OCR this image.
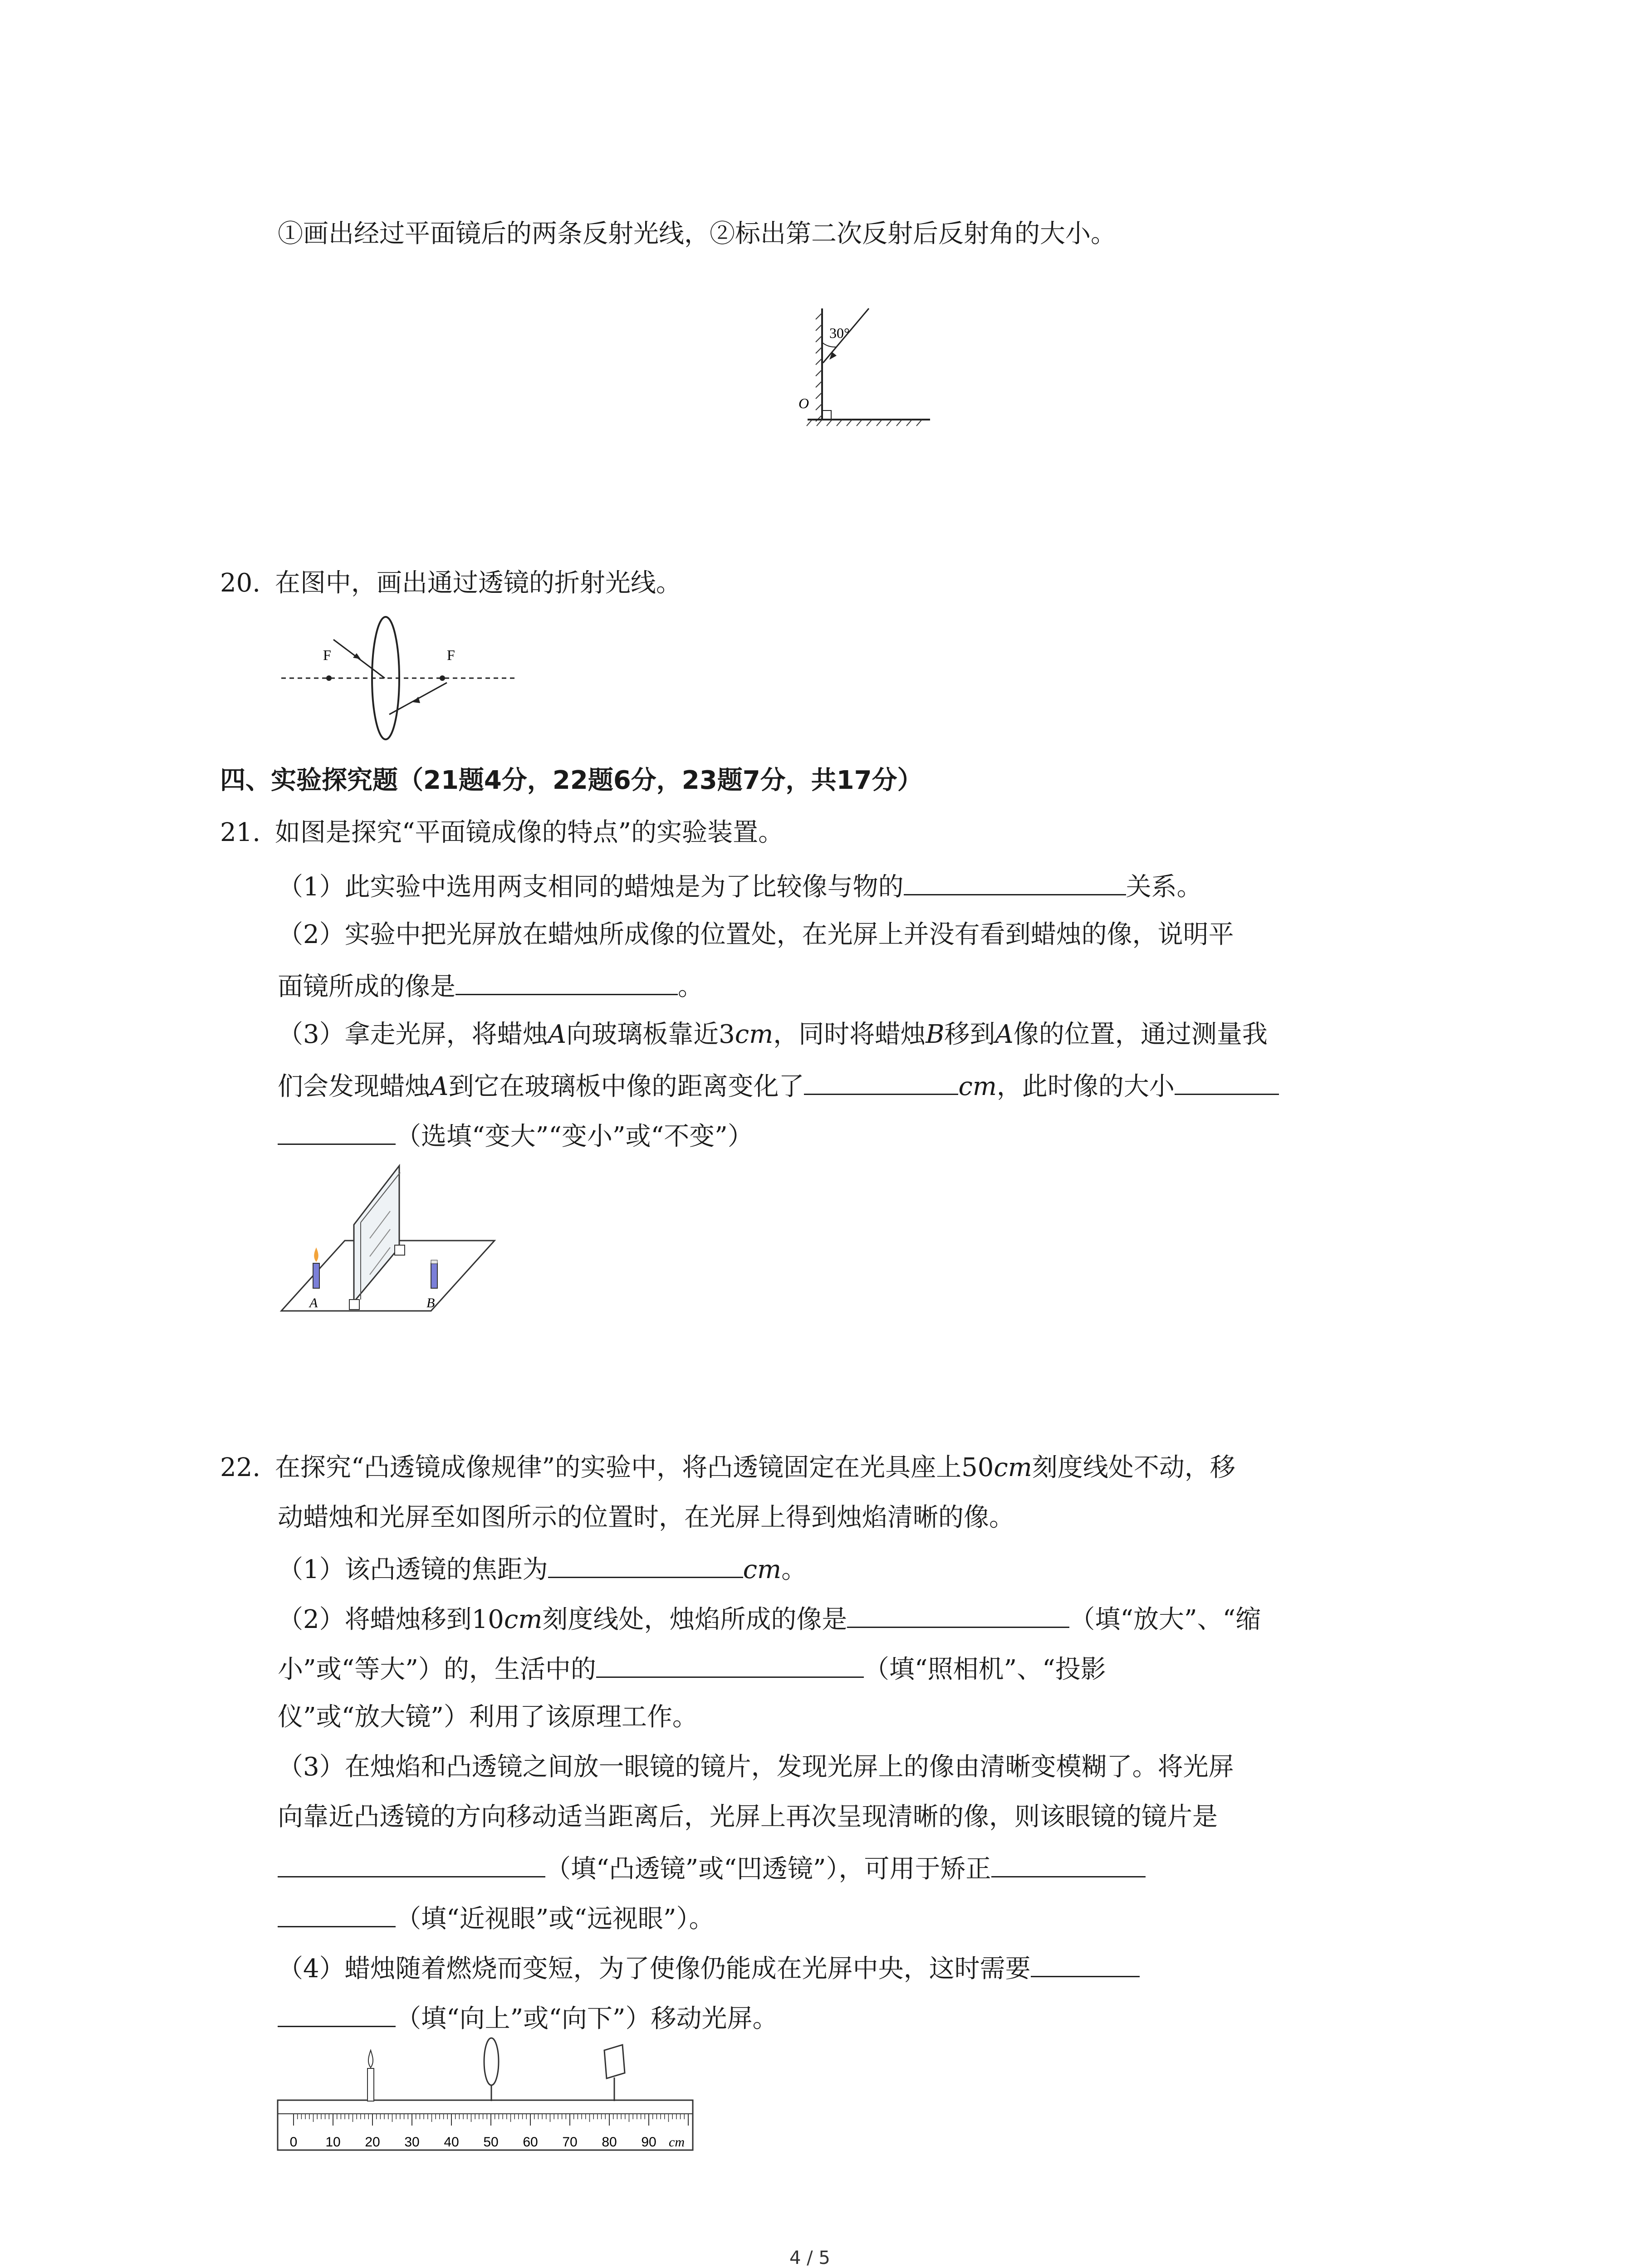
①画出经过平面镜后的两条反射光线，②标出第二次反射后反射角的大小。
30°
O
20. 在图中，画出通过透镜的折射光线。
F	F
四、实验探究题（21题4分，22题6分，23题7分，共17分）
21. 如图是探究“平面镜成像的特点”的实验装置。
（1）此实验中选用两支相同的蜡烛是为了比较像与物的	关系。
（2）实验中把光屏放在蜡烛所成像的位置处，在光屏上并没有看到蜡烛的像，说明平
面镜所成的像是	。
（3）拿走光屏，将蜡烛A向玻璃板靠近3cm，同时将蜡烛B移到A像的位置，通过测量我
们会发现蜡烛A到它在玻璃板中像的距离变化了	cm，此时像的大小
（选填“变大”“变小”或“不变”）
A	B
22. 在探究“凸透镜成像规律”的实验中，将凸透镜固定在光具座上50cm刻度线处不动，移
动蜡烛和光屏至如图所示的位置时，在光屏上得到烛焰清晰的像。
（1）该凸透镜的焦距为	cm。
（2）将蜡烛移到10cm刻度线处，烛焰所成的像是	（填“放大”、“缩
小”或“等大”）的，生活中的	（填“照相机”、“投影
仪”或“放大镜”）利用了该原理工作。
（3）在烛焰和凸透镜之间放一眼镜的镜片，发现光屏上的像由清晰变模糊了。将光屏
向靠近凸透镜的方向移动适当距离后，光屏上再次呈现清晰的像，则该眼镜的镜片是
（填“凸透镜”或“凹透镜”），可用于矫正
（填“近视眼”或“远视眼”）。
（4）蜡烛随着燃烧而变短，为了使像仍能成在光屏中央，这时需要
（填“向上”或“向下”）移动光屏。
0 10 20 30 40 50 60 70 80 90 cm
4 / 5
